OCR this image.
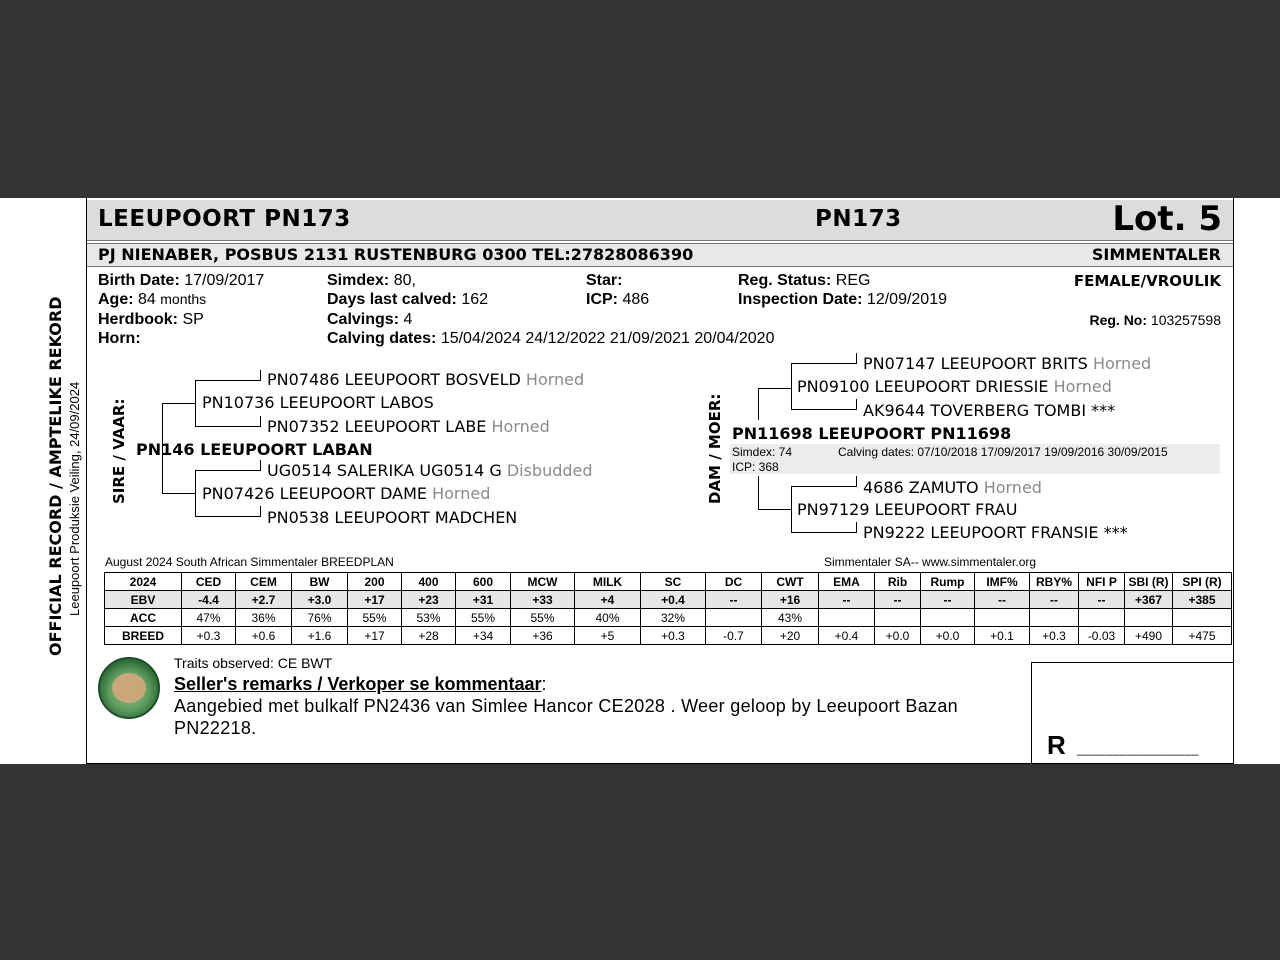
LEEUPOORT PN173	PN173	Lot. 5
PJ NIENABER, POSBUS 2131 RUSTENBURG 0300 TEL:27828086390	SIMMENTALER
OFFICIAL RECORD / AMPTELIKE REKORD Leeupoort Produksie Veiling, 24/09/2024
Birth Date: 17/09/2017
Age: 84 months
Herdbook: SP
Horn:
Simdex: 80,
Days last calved: 162
Calvings: 4
Calving dates: 15/04/2024 24/12/2022 21/09/2021 20/04/2020
Star:
ICP: 486
Reg. Status: REG
Inspection Date: 12/09/2019
FEMALE/VROULIK
Reg. No: 103257598
SIRE / VAAR:
PN07486 LEEUPOORT BOSVELD Horned
PN10736 LEEUPOORT LABOS
PN07352 LEEUPOORT LABE Horned
PN146 LEEUPOORT LABAN
UG0514 SALERIKA UG0514 G Disbudded
PN07426 LEEUPOORT DAME Horned
PN0538 LEEUPOORT MADCHEN
DAM / MOER:
PN07147 LEEUPOORT BRITS Horned
PN09100 LEEUPOORT DRIESSIE Horned
AK9644 TOVERBERG TOMBI ***
PN11698 LEEUPOORT PN11698
Simdex: 74
ICP: 368
Calving dates: 07/10/2018 17/09/2017 19/09/2016 30/09/2015
4686 ZAMUTO Horned
PN97129 LEEUPOORT FRAU
PN9222 LEEUPOORT FRANSIE ***
August 2024 South African Simmentaler BREEDPLAN	Simmentaler SA-- www.simmentaler.org
2024	CED	CEM	BW	200	400	600	MCW	MILK	SC	DC	CWT	EMA	Rib	Rump	IMF%	RBY%	NFI P	SBI (R)	SPI (R)
EBV	-4.4	+2.7	+3.0	+17	+23	+31	+33	+4	+0.4	--	+16	--	--	--	--	--	--	+367	+385
ACC	47%	36%	76%	55%	53%	55%	55%	40%	32%		43%								
BREED	+0.3	+0.6	+1.6	+17	+28	+34	+36	+5	+0.3	-0.7	+20	+0.4	+0.0	+0.0	+0.1	+0.3	-0.03	+490	+475
Traits observed: CE BWT
Seller's remarks / Verkoper se kommentaar:
Aangebied met bulkalf PN2436 van Simlee Hancor CE2028 . Weer geloop by Leeupoort Bazan
PN22218.
R _________________
